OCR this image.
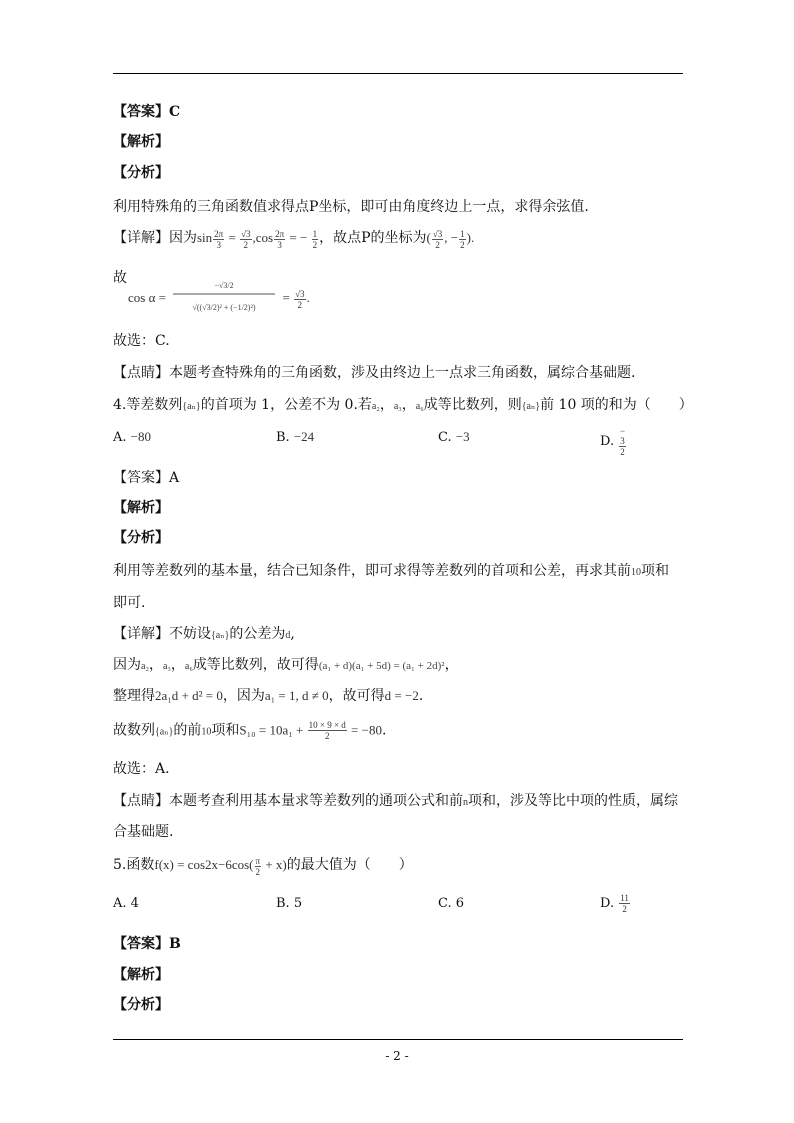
【答案】C
【解析】
【分析】
利用特殊角的三角函数值求得点P坐标，即可由角度终边上一点，求得余弦值.
【详解】因为$\sin \frac{2\pi}{3} = \frac{√3}{2} ,\cos \frac{2\pi}{3}$ = − $\frac{1}{2}$ ，故点P的坐标为( $\frac{√3}{2}$ , − $\frac{1}{2}$ ).
故
cos α =
−√3/2
√((√3/2)² + (−1/2)²)
= $\frac{√3}{2}$ .
故选：C.
【点睛】本题考查特殊角的三角函数，涉及由终边上一点求三角函数，属综合基础题.
4.等差数列{aₙ}的首项为 1，公差不为 0.若a₂，a₃，a₆成等比数列，则{aₙ}前 10 项的和为（　　）
A. −80	B. −24	C. −3	D. −
3
2
【答案】A
【解析】
【分析】
利用等差数列的基本量，结合已知条件，即可求得等差数列的首项和公差，再求其前10项和
即可.
【详解】不妨设{aₙ}的公差为d,
因为a₂，a₃，a₆成等比数列，故可得(a₁ + d)(a₁ + 5d) = (a₁ + 2d)²，
整理得2a₁d + d² = 0，因为a₁ = 1, d ≠ 0，故可得d = −2.
故数列{aₙ}的前10项和$S_{10} = 10a_1 + \frac{10 \times 9 \times d}{2} = -80$.
故选：A.
【点睛】本题考查利用基本量求等差数列的通项公式和前n项和，涉及等比中项的性质，属综
合基础题.
5.函数$f(x) = \cos 2x-6\cos( \frac{\pi}{2} + x)$的最大值为（　　）
A. 4	B. 5	C. 6	D. $\frac{11}{2}$
【答案】B
【解析】
【分析】
- 2 -
